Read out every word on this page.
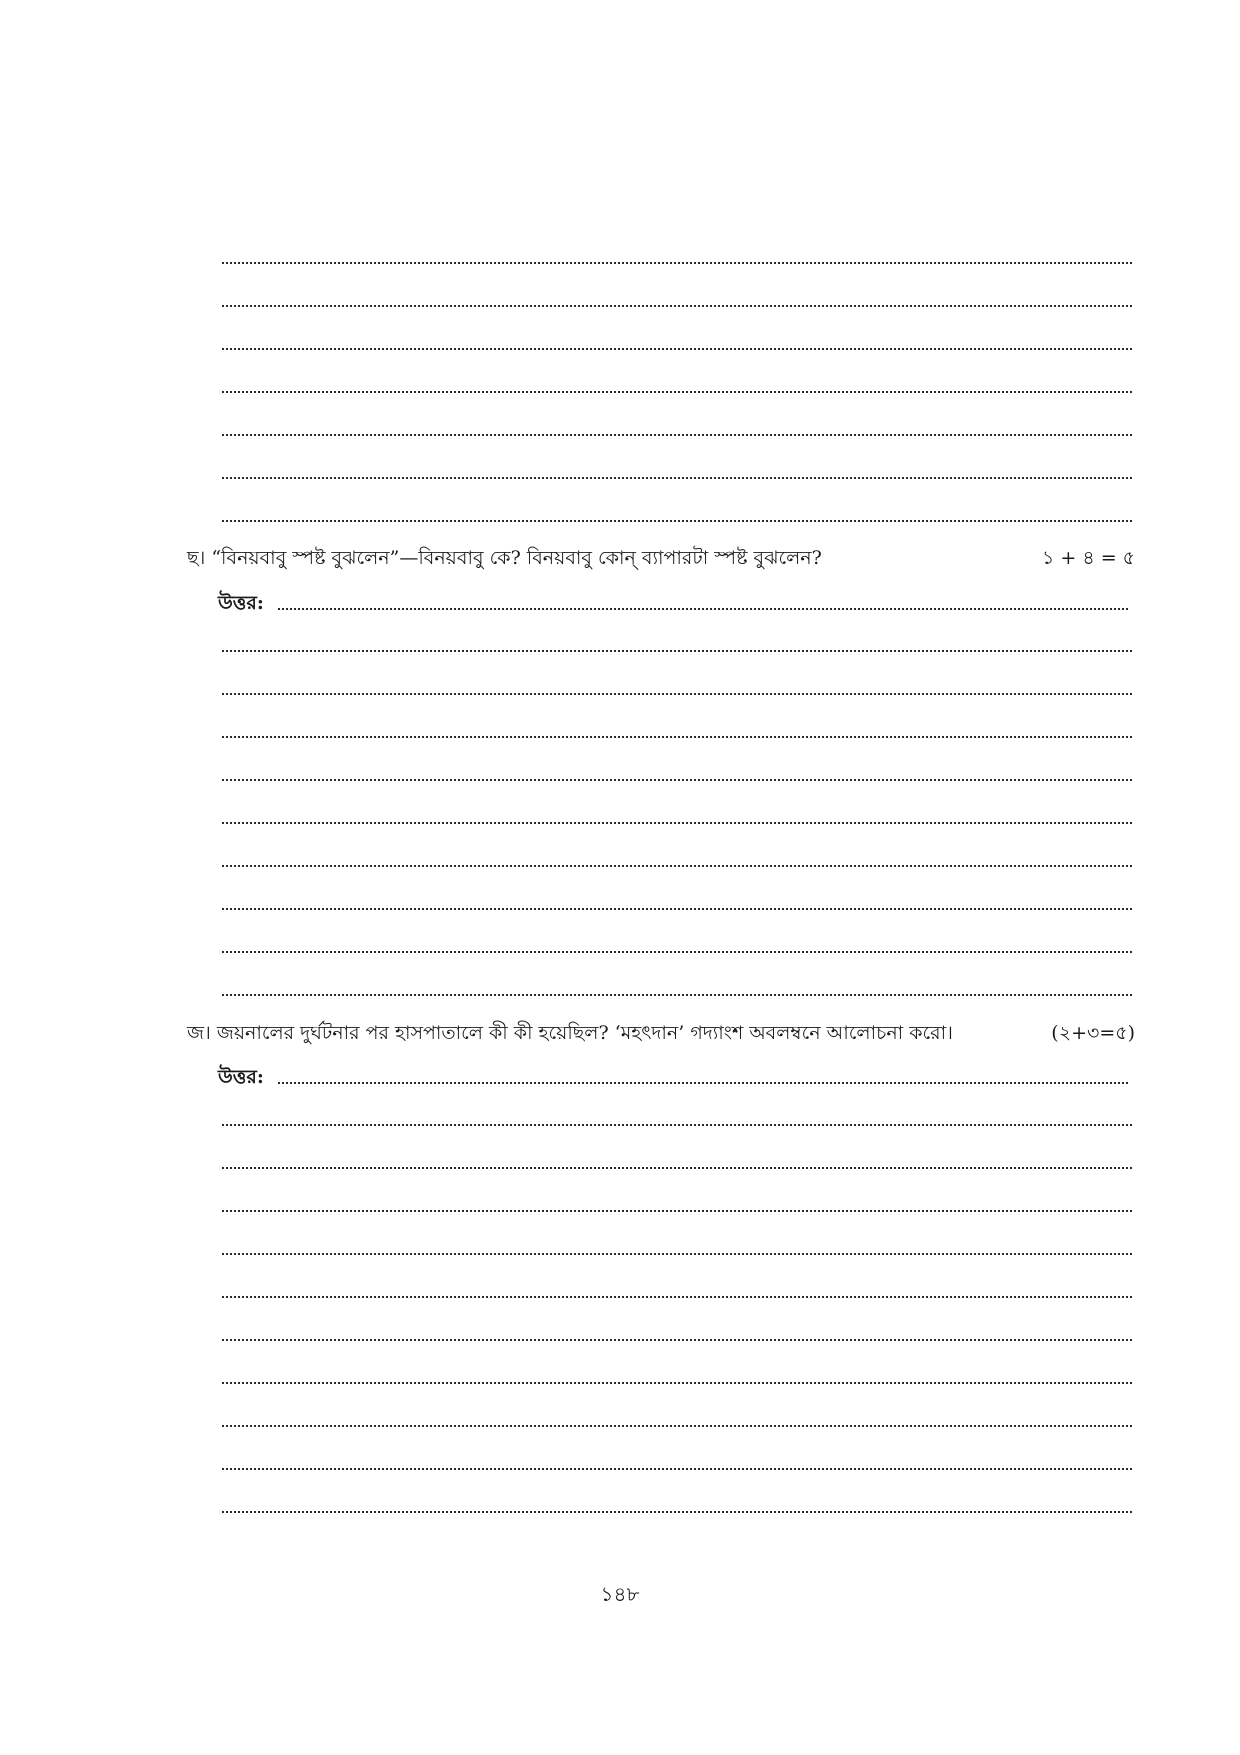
ছ। “বিনয়বাবু স্পষ্ট বুঝলেন”—বিনয়বাবু কে? বিনয়বাবু কোন্ ব্যাপারটা স্পষ্ট বুঝলেন?	১ + ৪ = ৫
উত্তর:
জ। জয়নালের দুর্ঘটনার পর হাসপাতালে কী কী হয়েছিল? ‘মহৎদান’ গদ্যাংশ অবলম্বনে আলোচনা করো।	(২+৩=৫)
উত্তর:
১৪৮
